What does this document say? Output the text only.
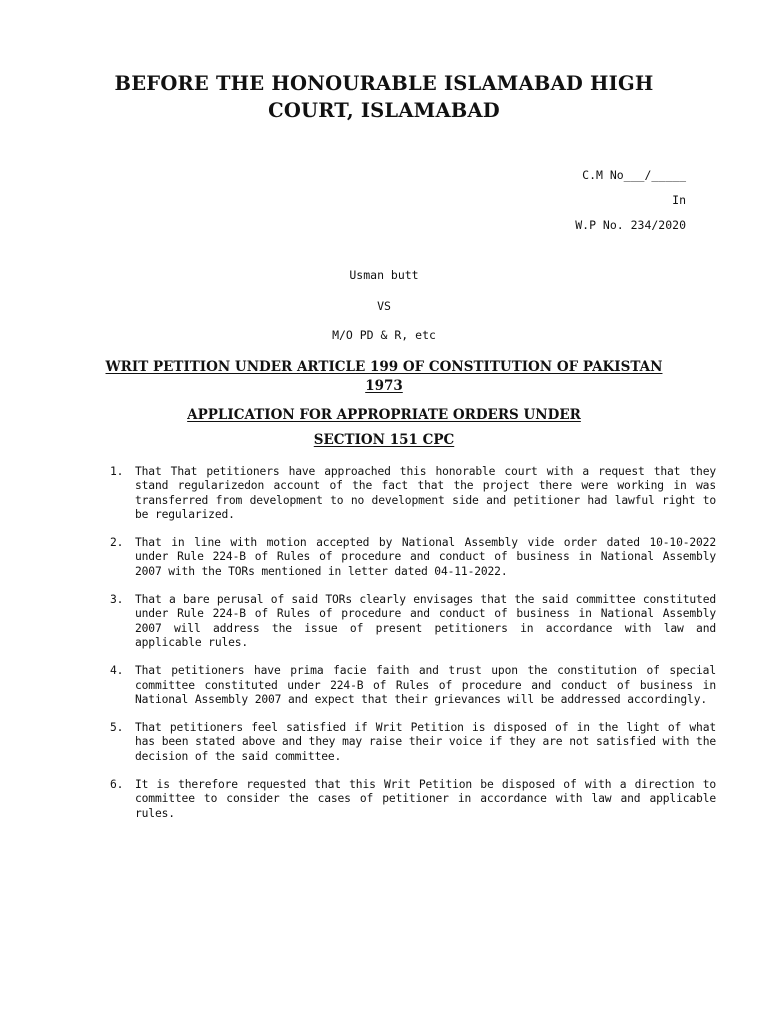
BEFORE THE HONOURABLE ISLAMABAD HIGH COURT, ISLAMABAD
C.M No___/_____
In
W.P No. 234/2020
Usman butt
VS
M/O PD & R, etc
WRIT PETITION UNDER ARTICLE 199 OF CONSTITUTION OF PAKISTAN 1973
APPLICATION FOR APPROPRIATE ORDERS UNDER
SECTION 151 CPC
1.	That That petitioners have approached this honorable court with a request that they stand regularizedon account of the fact that the project there were working in was transferred from development to no development side and petitioner had lawful right to be regularized.
2.	That in line with motion accepted by National Assembly vide order dated 10-10-2022 under Rule 224-B of Rules of procedure and conduct of business in National Assembly 2007 with the TORs mentioned in letter dated 04-11-2022.
3.	That a bare perusal of said TORs clearly envisages that the said committee constituted under Rule 224-B of Rules of procedure and conduct of business in National Assembly 2007 will address the issue of present petitioners in accordance with law and applicable rules.
4.	That petitioners have prima facie faith and trust upon the constitution of special committee constituted under 224-B of Rules of procedure and conduct of business in National Assembly 2007 and expect that their grievances will be addressed accordingly.
5.	That petitioners feel satisfied if Writ Petition is disposed of in the light of what has been stated above and they may raise their voice if they are not satisfied with the decision of the said committee.
6.	It is therefore requested that this Writ Petition be disposed of with a direction to committee to consider the cases of petitioner in accordance with law and applicable rules.
